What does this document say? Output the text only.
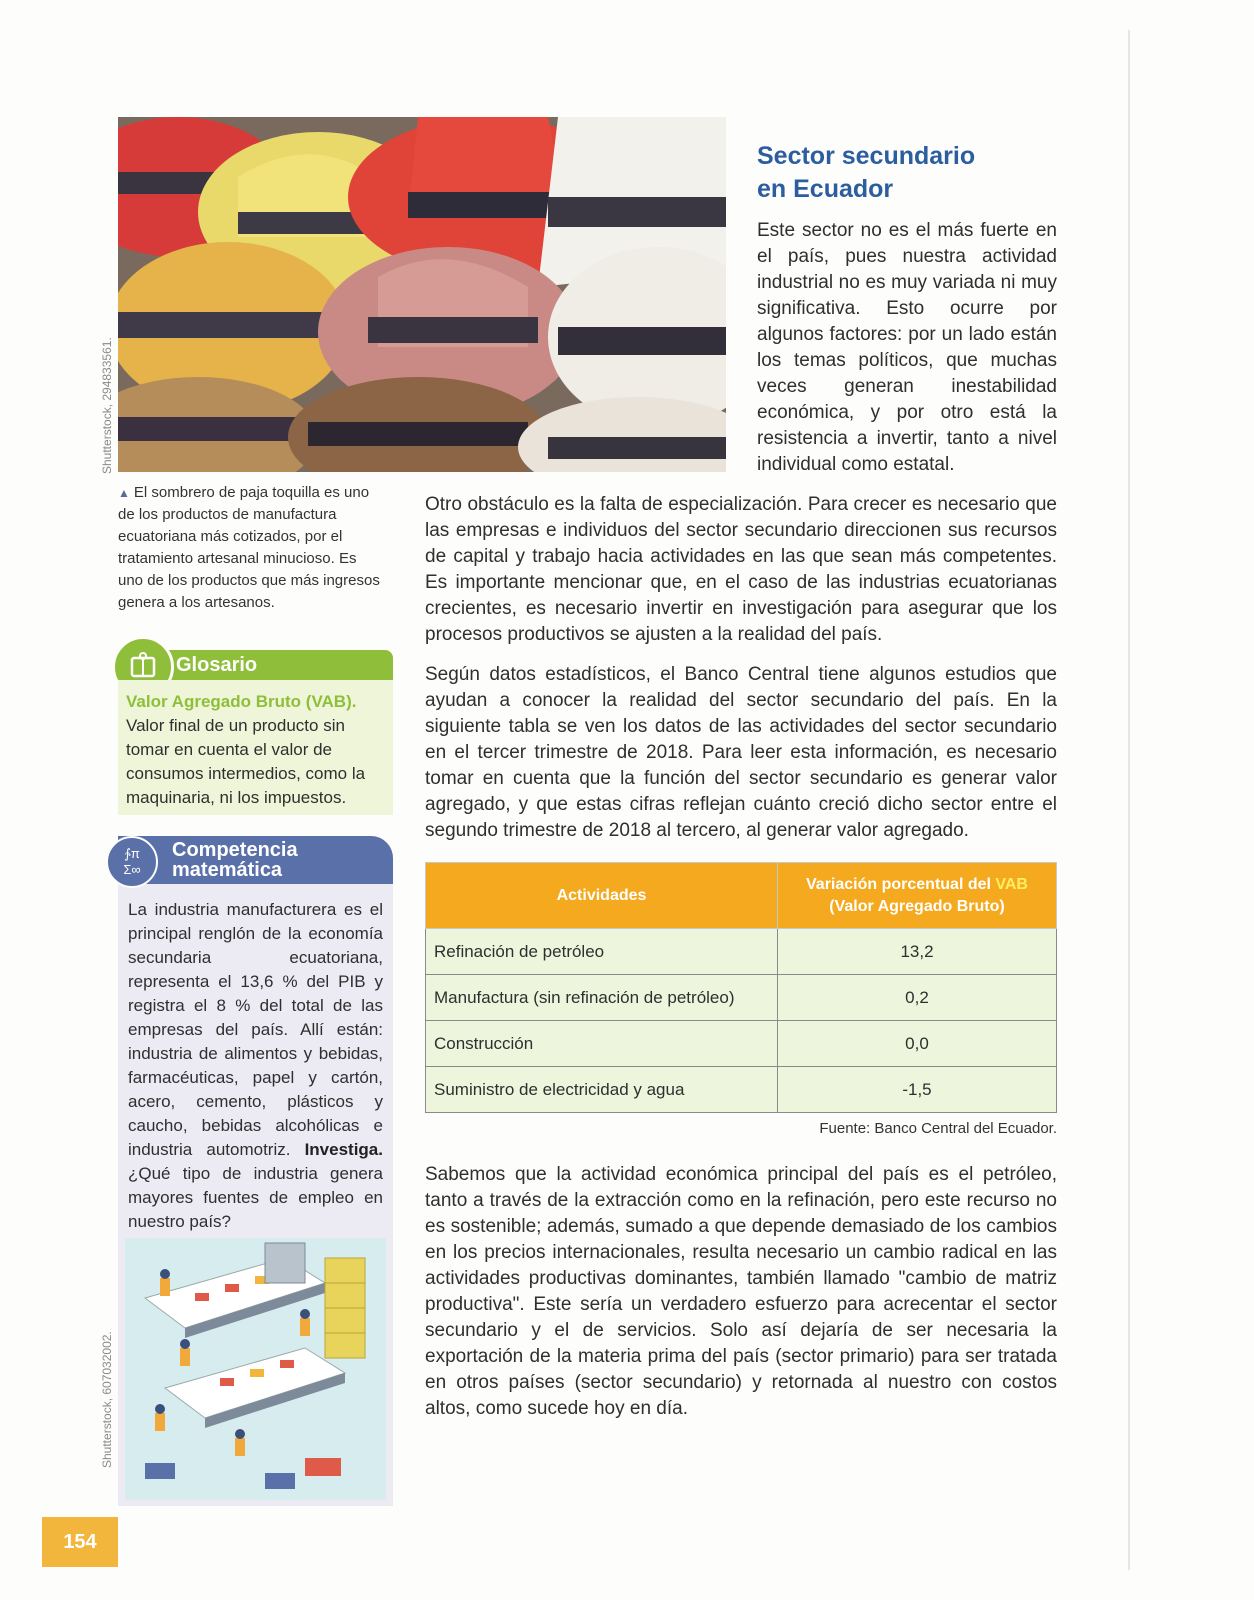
Shutterstock, 294833561.
Shutterstock, 607032002.
▲ El sombrero de paja toquilla es uno de los productos de manufactura ecuatoriana más cotizados, por el tratamiento artesanal minucioso. Es uno de los productos que más ingresos genera a los artesanos.
Sector secundario
en Ecuador
Este sector no es el más fuerte en el país, pues nuestra actividad industrial no es muy variada ni muy significativa. Esto ocurre por algunos factores: por un lado están los temas políticos, que muchas veces generan inestabilidad económica, y por otro está la resistencia a invertir, tanto a nivel individual como estatal.
Otro obstáculo es la falta de especialización. Para crecer es necesario que las empresas e individuos del sector secundario direccionen sus recursos de capital y trabajo hacia actividades en las que sean más competentes. Es importante mencionar que, en el caso de las industrias ecuatorianas crecientes, es necesario invertir en investigación para asegurar que los procesos productivos se ajusten a la realidad del país.
Según datos estadísticos, el Banco Central tiene algunos estudios que ayudan a conocer la realidad del sector secundario del país. En la siguiente tabla se ven los datos de las actividades del sector secundario en el tercer trimestre de 2018. Para leer esta información, es necesario tomar en cuenta que la función del sector secundario es generar valor agregado, y que estas cifras reflejan cuánto creció dicho sector entre el segundo trimestre de 2018 al tercero, al generar valor agregado.
Glosario
Valor Agregado Bruto (VAB). Valor final de un producto sin tomar en cuenta el valor de consumos intermedios, como la maquinaria, ni los impuestos.
∱π
Σ∞
Competencia
matemática
La industria manufacturera es el principal renglón de la economía secundaria ecuatoriana, representa el 13,6 % del PIB y registra el 8 % del total de las empresas del país. Allí están: industria de alimentos y bebidas, farmacéuticas, papel y cartón, acero, cemento, plásticos y caucho, bebidas alcohólicas e industria automotriz. Investiga. ¿Qué tipo de industria genera mayores fuentes de empleo en nuestro país?
Actividades	Variación porcentual del VAB
(Valor Agregado Bruto)
Refinación de petróleo	13,2
Manufactura (sin refinación de petróleo)	0,2
Construcción	0,0
Suministro de electricidad y agua	-1,5
Fuente: Banco Central del Ecuador.
Sabemos que la actividad económica principal del país es el petróleo, tanto a través de la extracción como en la refinación, pero este recurso no es sostenible; además, sumado a que depende demasiado de los cambios en los precios internacionales, resulta necesario un cambio radical en las actividades productivas dominantes, también llamado "cambio de matriz productiva". Este sería un verdadero esfuerzo para acrecentar el sector secundario y el de servicios. Solo así dejaría de ser necesaria la exportación de la materia prima del país (sector primario) para ser tratada en otros países (sector secundario) y retornada al nuestro con costos altos, como sucede hoy en día.
154
